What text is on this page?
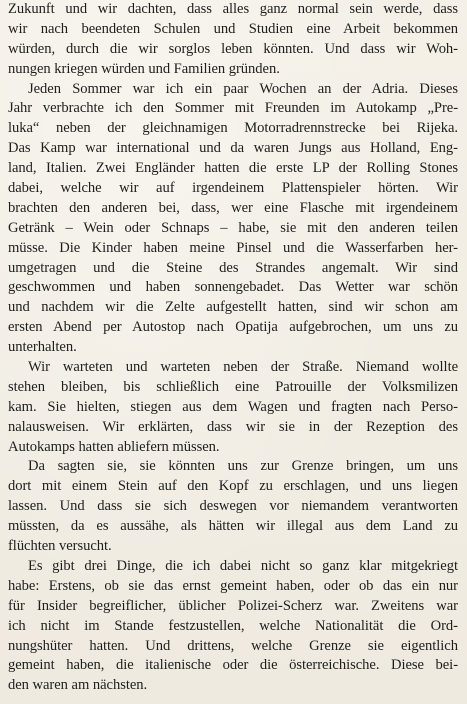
Zukunft und wir dachten, dass alles ganz normal sein werde, dass
wir nach beendeten Schulen und Studien eine Arbeit bekommen
würden, durch die wir sorglos leben könnten. Und dass wir Woh-
nungen kriegen würden und Familien gründen.
Jeden Sommer war ich ein paar Wochen an der Adria. Dieses
Jahr verbrachte ich den Sommer mit Freunden im Autokamp „Pre-
luka“ neben der gleichnamigen Motorradrennstrecke bei Rijeka.
Das Kamp war international und da waren Jungs aus Holland, Eng-
land, Italien. Zwei Engländer hatten die erste LP der Rolling Stones
dabei, welche wir auf irgendeinem Plattenspieler hörten. Wir
brachten den anderen bei, dass, wer eine Flasche mit irgendeinem
Getränk – Wein oder Schnaps – habe, sie mit den anderen teilen
müsse. Die Kinder haben meine Pinsel und die Wasserfarben her-
umgetragen und die Steine des Strandes angemalt. Wir sind
geschwommen und haben sonnengebadet. Das Wetter war schön
und nachdem wir die Zelte aufgestellt hatten, sind wir schon am
ersten Abend per Autostop nach Opatija aufgebrochen, um uns zu
unterhalten.
Wir warteten und warteten neben der Straße. Niemand wollte
stehen bleiben, bis schließlich eine Patrouille der Volksmilizen
kam. Sie hielten, stiegen aus dem Wagen und fragten nach Perso-
nalausweisen. Wir erklärten, dass wir sie in der Rezeption des
Autokamps hatten abliefern müssen.
Da sagten sie, sie könnten uns zur Grenze bringen, um uns
dort mit einem Stein auf den Kopf zu erschlagen, und uns liegen
lassen. Und dass sie sich deswegen vor niemandem verantworten
müssten, da es aussähe, als hätten wir illegal aus dem Land zu
flüchten versucht.
Es gibt drei Dinge, die ich dabei nicht so ganz klar mitgekriegt
habe: Erstens, ob sie das ernst gemeint haben, oder ob das ein nur
für Insider begreiflicher, üblicher Polizei-Scherz war. Zweitens war
ich nicht im Stande festzustellen, welche Nationalität die Ord-
nungshüter hatten. Und drittens, welche Grenze sie eigentlich
gemeint haben, die italienische oder die österreichische. Diese bei-
den waren am nächsten.
